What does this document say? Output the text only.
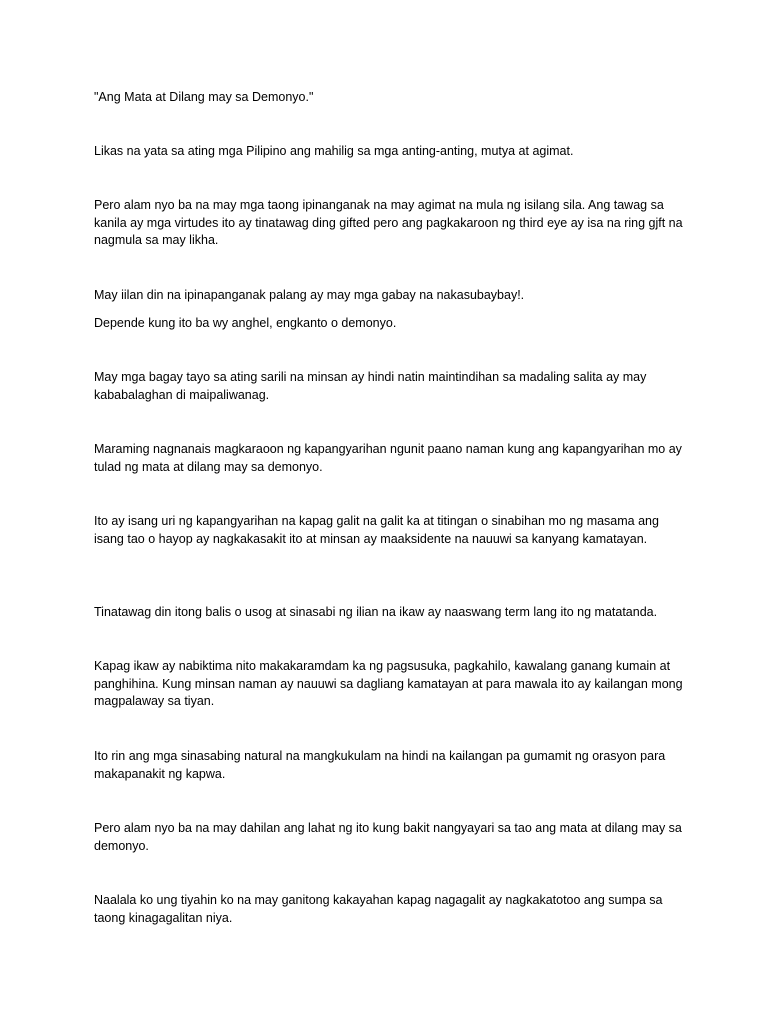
"Ang Mata at Dilang may sa Demonyo."

Likas na yata sa ating mga Pilipino ang mahilig sa mga anting-anting, mutya at agimat.

Pero alam nyo ba na may mga taong ipinanganak na may agimat na mula ng isilang sila. Ang tawag sa kanila ay mga virtudes ito ay tinatawag ding gifted pero ang pagkakaroon ng third eye ay isa na ring gjft na nagmula sa may likha.

May iilan din na ipinapanganak palang ay may mga gabay na nakasubaybay!.

Depende kung ito ba wy anghel, engkanto o demonyo.

May mga bagay tayo sa ating sarili na minsan ay hindi natin maintindihan sa madaling salita ay may kababalaghan di maipaliwanag.

Maraming nagnanais magkaraoon ng kapangyarihan ngunit paano naman kung ang kapangyarihan mo ay tulad ng mata at dilang may sa demonyo.

Ito ay isang uri ng kapangyarihan na kapag galit na galit ka at titingan o sinabihan mo ng masama ang isang tao o hayop ay nagkakasakit ito at minsan ay maaksidente na nauuwi sa kanyang kamatayan.

Tinatawag din itong balis o usog at sinasabi ng ilian na ikaw ay naaswang term lang ito ng matatanda.

Kapag ikaw ay nabiktima nito makakaramdam ka ng pagsusuka, pagkahilo, kawalang ganang kumain at panghihina. Kung minsan naman ay nauuwi sa dagliang kamatayan at para mawala ito ay kailangan mong magpalaway sa tiyan.

Ito rin ang mga sinasabing natural na mangkukulam na hindi na kailangan pa gumamit ng orasyon para makapanakit ng kapwa.

Pero alam nyo ba na may dahilan ang lahat ng ito kung bakit nangyayari sa tao ang mata at dilang may sa demonyo.

Naalala ko ung tiyahin ko na may ganitong kakayahan kapag nagagalit ay nagkakatotoo ang sumpa sa taong kinagagalitan niya.
